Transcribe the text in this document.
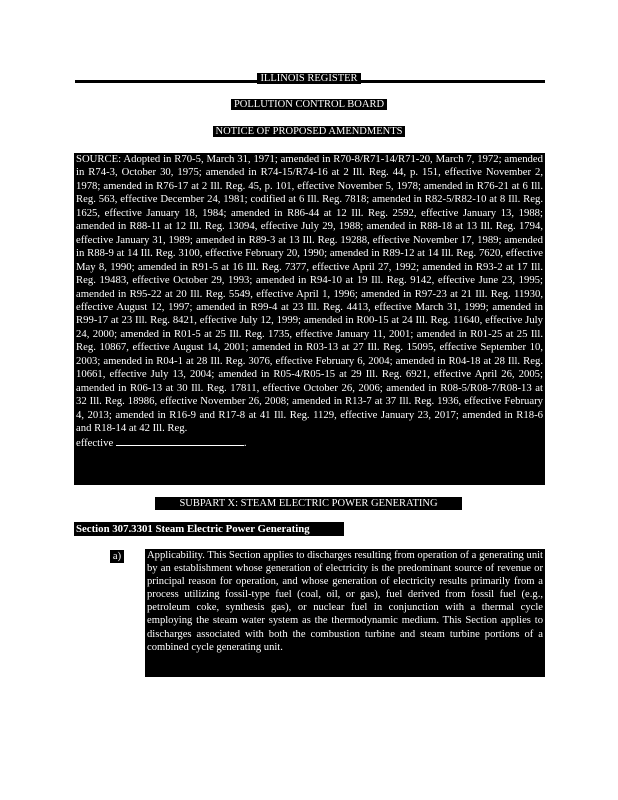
ILLINOIS REGISTER
POLLUTION CONTROL BOARD
NOTICE OF PROPOSED AMENDMENTS
SOURCE: Adopted in R70-5, March 31, 1971; amended in R70-8/R71-14/R71-20, March 7, 1972; amended in R74-3, October 30, 1975; amended in R74-15/R74-16 at 2 Ill. Reg. 44, p. 151, effective November 2, 1978; amended in R76-17 at 2 Ill. Reg. 45, p. 101, effective November 5, 1978; amended in R76-21 at 6 Ill. Reg. 563, effective December 24, 1981; codified at 6 Ill. Reg. 7818; amended in R82-5/R82-10 at 8 Ill. Reg. 1625, effective January 18, 1984; amended in R86-44 at 12 Ill. Reg. 2592, effective January 13, 1988; amended in R88-11 at 12 Ill. Reg. 13094, effective July 29, 1988; amended in R88-18 at 13 Ill. Reg. 1794, effective January 31, 1989; amended in R89-3 at 13 Ill. Reg. 19288, effective November 17, 1989; amended in R88-9 at 14 Ill. Reg. 3100, effective February 20, 1990; amended in R89-12 at 14 Ill. Reg. 7620, effective May 8, 1990; amended in R91-5 at 16 Ill. Reg. 7377, effective April 27, 1992; amended in R93-2 at 17 Ill. Reg. 19483, effective October 29, 1993; amended in R94-10 at 19 Ill. Reg. 9142, effective June 23, 1995; amended in R95-22 at 20 Ill. Reg. 5549, effective April 1, 1996; amended in R97-23 at 21 Ill. Reg. 11930, effective August 12, 1997; amended in R99-4 at 23 Ill. Reg. 4413, effective March 31, 1999; amended in R99-17 at 23 Ill. Reg. 8421, effective July 12, 1999; amended in R00-15 at 24 Ill. Reg. 11640, effective July 24, 2000; amended in R01-5 at 25 Ill. Reg. 1735, effective January 11, 2001; amended in R01-25 at 25 Ill. Reg. 10867, effective August 14, 2001; amended in R03-13 at 27 Ill. Reg. 15095, effective September 10, 2003; amended in R04-1 at 28 Ill. Reg. 3076, effective February 6, 2004; amended in R04-18 at 28 Ill. Reg. 10661, effective July 13, 2004; amended in R05-4/R05-15 at 29 Ill. Reg. 6921, effective April 26, 2005; amended in R06-13 at 30 Ill. Reg. 17811, effective October 26, 2006; amended in R08-5/R08-7/R08-13 at 32 Ill. Reg. 18986, effective November 26, 2008; amended in R13-7 at 37 Ill. Reg. 1936, effective February 4, 2013; amended in R16-9 and R17-8 at 41 Ill. Reg. 1129, effective January 23, 2017; amended in R18-6 and R18-14 at 42 Ill. Reg.
effective	.
SUBPART X: STEAM ELECTRIC POWER GENERATING
Section 307.3301 Steam Electric Power Generating
a) Applicability. This Section applies to discharges resulting from operation of a generating unit by an establishment whose generation of electricity is the predominant source of revenue or principal reason for operation, and whose generation of electricity results primarily from a process utilizing fossil-type fuel (coal, oil, or gas), fuel derived from fossil fuel (e.g., petroleum coke, synthesis gas), or nuclear fuel in conjunction with a thermal cycle employing the steam water system as the thermodynamic medium. This Section applies to discharges associated with both the combustion turbine and steam turbine portions of a combined cycle generating unit.
